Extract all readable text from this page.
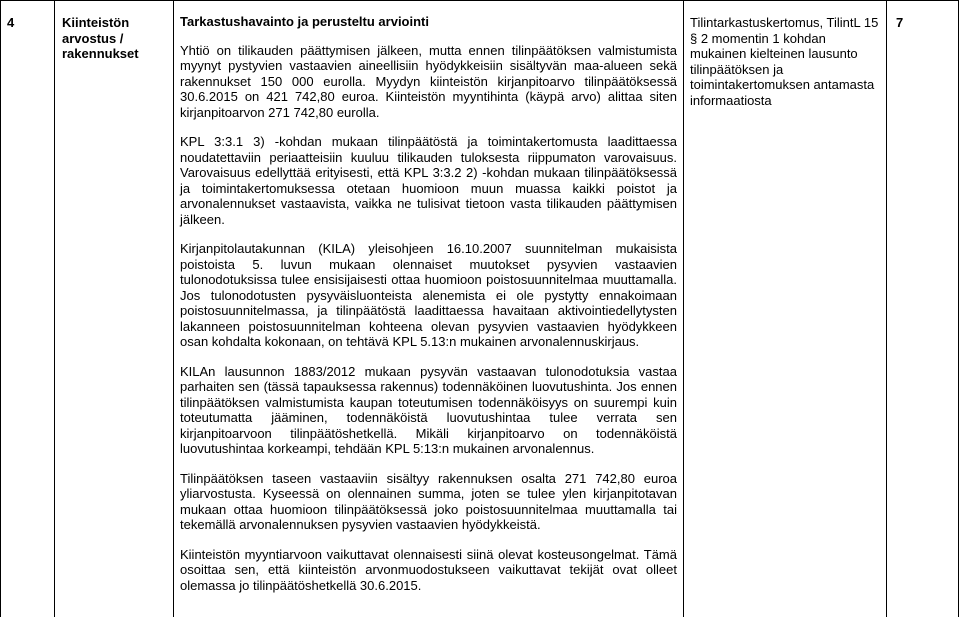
4	Kiinteistön arvostus / rakennukset

Tarkastushavainto ja perusteltu arviointi

Yhtiö on tilikauden päättymisen jälkeen, mutta ennen tilinpäätöksen valmistumista myynyt pystyvien vastaavien aineellisiin hyödykkeisiin sisältyvän maa-alueen sekä rakennukset 150 000 eurolla. Myydyn kiinteistön kirjanpitoarvo tilinpäätöksessä 30.6.2015 on 421 742,80 euroa. Kiinteistön myyntihinta (käypä arvo) alittaa siten kirjanpitoarvon 271 742,80 eurolla.

KPL 3:3.1 3) -kohdan mukaan tilinpäätöstä ja toimintakertomusta laadittaessa noudatettaviin periaatteisiin kuuluu tilikauden tuloksesta riippumaton varovaisuus. Varovaisuus edellyttää erityisesti, että KPL 3:3.2 2) -kohdan mukaan tilinpäätöksessä ja toimintakertomuksessa otetaan huomioon muun muassa kaikki poistot ja arvonalennukset vastaavista, vaikka ne tulisivat tietoon vasta tilikauden päättymisen jälkeen.

Kirjanpitolautakunnan (KILA) yleisohjeen 16.10.2007 suunnitelman mukaisista poistoista 5. luvun mukaan olennaiset muutokset pysyvien vastaavien tulonodotuksissa tulee ensisijaisesti ottaa huomioon poistosuunnitelmaa muuttamalla. Jos tulonodotusten pysyväisluonteista alenemista ei ole pystytty ennakoimaan poistosuunnitelmassa, ja tilinpäätöstä laadittaessa havaitaan aktivointiedellytysten lakanneen poistosuunnitelman kohteena olevan pysyvien vastaavien hyödykkeen osan kohdalta kokonaan, on tehtävä KPL 5.13:n mukainen arvonalennuskirjaus.

KILAn lausunnon 1883/2012 mukaan pysyvän vastaavan tulonodotuksia vastaa parhaiten sen (tässä tapauksessa rakennus) todennäköinen luovutushinta. Jos ennen tilinpäätöksen valmistumista kaupan toteutumisen todennäköisyys on suurempi kuin toteutumatta jääminen, todennäköistä luovutushintaa tulee verrata sen kirjanpitoarvoon tilinpäätöshetkellä. Mikäli kirjanpitoarvo on todennäköistä luovutushintaa korkeampi, tehdään KPL 5:13:n mukainen arvonalennus.

Tilinpäätöksen taseen vastaaviin sisältyy rakennuksen osalta 271 742,80 euroa yliarvostusta. Kyseessä on olennainen summa, joten se tulee ylen kirjanpitotavan mukaan ottaa huomioon tilinpäätöksessä joko poistosuunnitelmaa muuttamalla tai tekemällä arvonalennuksen pysyvien vastaavien hyödykkeistä.

Kiinteistön myyntiarvoon vaikuttavat olennaisesti siinä olevat kosteusongelmat. Tämä osoittaa sen, että kiinteistön arvonmuodostukseen vaikuttavat tekijät ovat olleet olemassa jo tilinpäätöshetkellä 30.6.2015.

Tilintarkastuskertomus, TilintL 15 § 2 momentin 1 kohdan mukainen kielteinen lausunto tilinpäätöksen ja toimintakertomuksen antamasta informaatiosta

7
